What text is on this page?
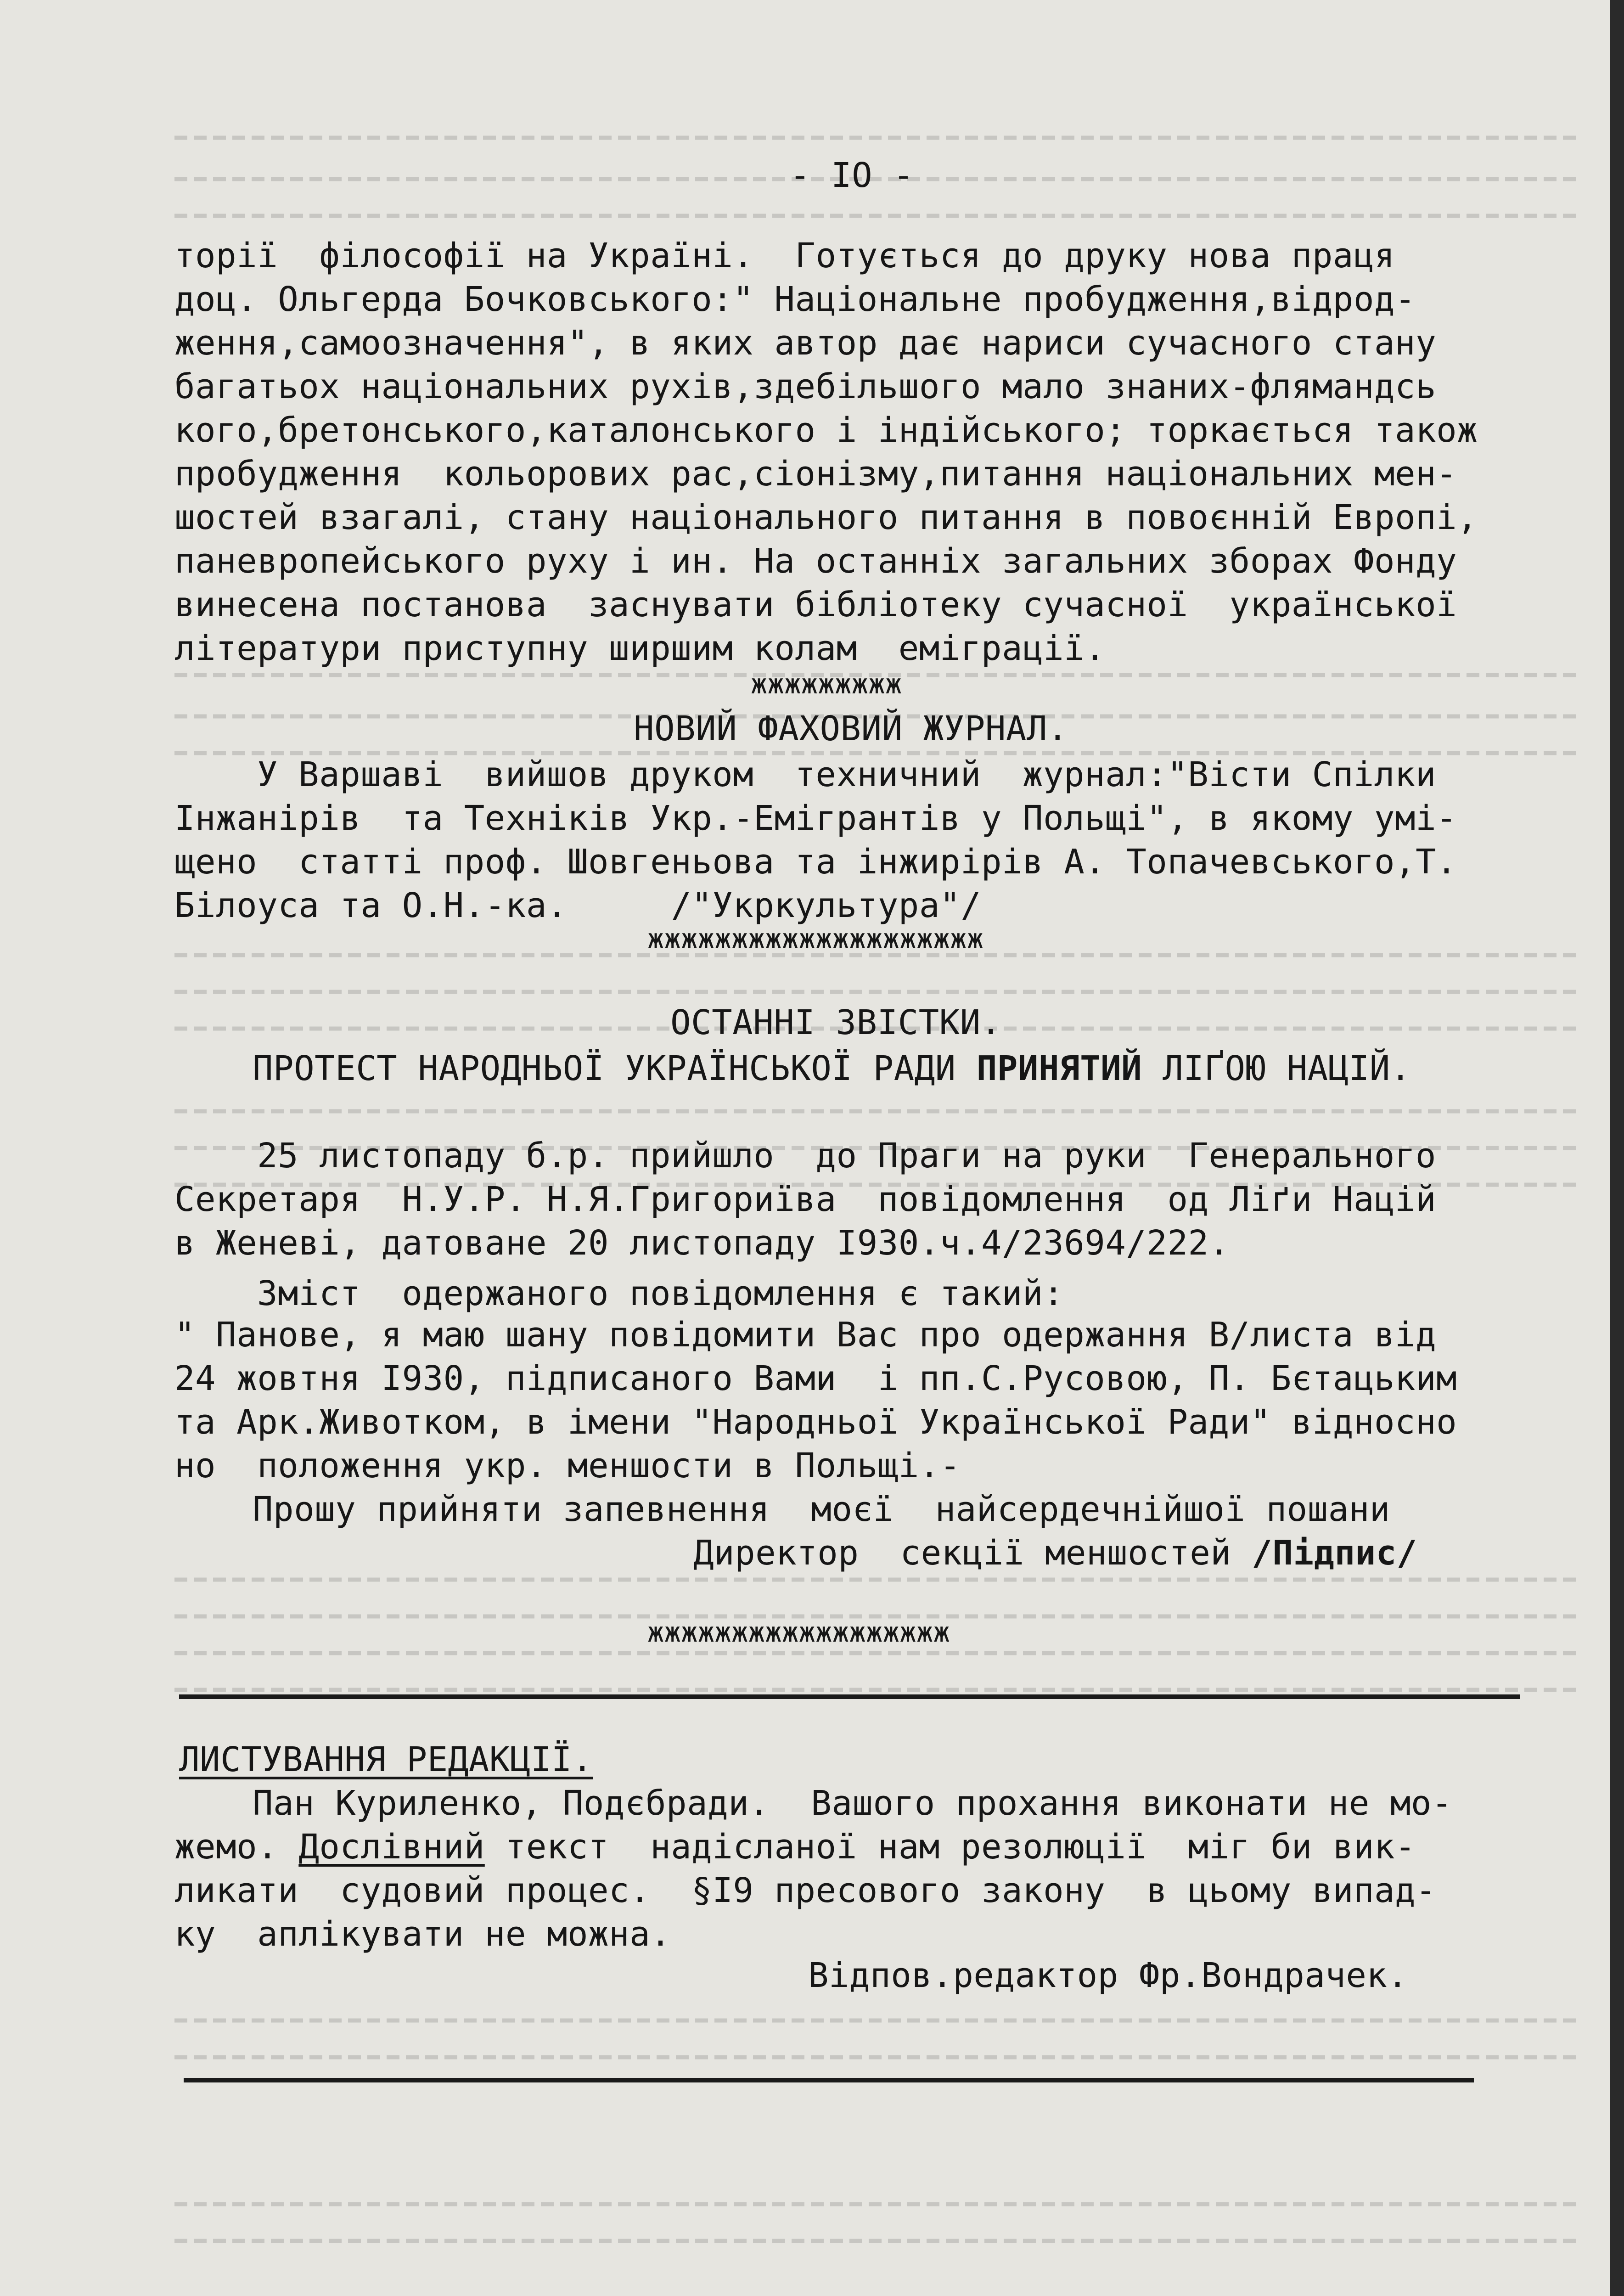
- IO -
торії  філософії на Україні.  Готується до друку нова праця
доц. Ольгерда Бочковського:" Національне пробудження,відрод-
ження,самоозначення", в яких автор дає нариси сучасного стану
багатьох національних рухів,здебільшого мало знаних-флямандсь
кого,бретонського,каталонського і індійського; торкається також
пробудження  кольорових рас,сіонізму,питання національних мен-
шостей взагалі, стану національного питання в повоєнній Европі,
паневропейського руху і ин. На останніх загальних зборах Фонду
винесена постанова  заснувати бібліотеку сучасної  української
літератури приступну ширшим колам  еміграції.
жжжжжжжжж
НОВИЙ ФАХОВИЙ ЖУРНАЛ.
У Варшаві  вийшов друком  техничний  журнал:"Вісти Спілки
Інжанірів  та Техніків Укр.-Емігрантів у Польщі", в якому умі-
щено  статті проф. Шовгеньова та інжирірів А. Топачевського,Т.
Білоуса та О.Н.-ка.     /"Укркультура"/
жжжжжжжжжжжжжжжжжжжж
ОСТАННІ ЗВІСТКИ.
ПРОТЕСТ НАРОДНЬОЇ УКРАЇНСЬКОЇ РАДИ ПРИНЯТИЙ ЛІҐОЮ НАЦІЙ.
25 листопаду б.р. прийшло  до Праги на руки  Генерального
Секретаря  Н.У.Р. Н.Я.Григориїва  повідомлення  од Ліґи Націй
в Женеві, датоване 20 листопаду I930.ч.4/23694/222.
Зміст  одержаного повідомлення є такий:
" Панове, я маю шану повідомити Вас про одержання В/листа від
24 жовтня I930, підписаного Вами  і пп.С.Русовою, П. Бєтацьким
та Арк.Животком, в імени "Народньої Української Ради" відносно
но  положення укр. меншости в Польщі.-
Прошу прийняти запевнення  моєї  найсердечнійшої пошани
Директор  секції меншостей /Підпис/
жжжжжжжжжжжжжжжжжж
ЛИСТУВАННЯ РЕДАКЦІЇ.
Пан Куриленко, Подєбради.  Вашого прохання виконати не мо-
жемо. Дослівний текст  надісланої нам резолюції  міг би вик-
ликати  судовий процес.  §I9 пресового закону  в цьому випад-
ку  аплікувати не можна.
Відпов.редактор Фр.Вондрачек.
